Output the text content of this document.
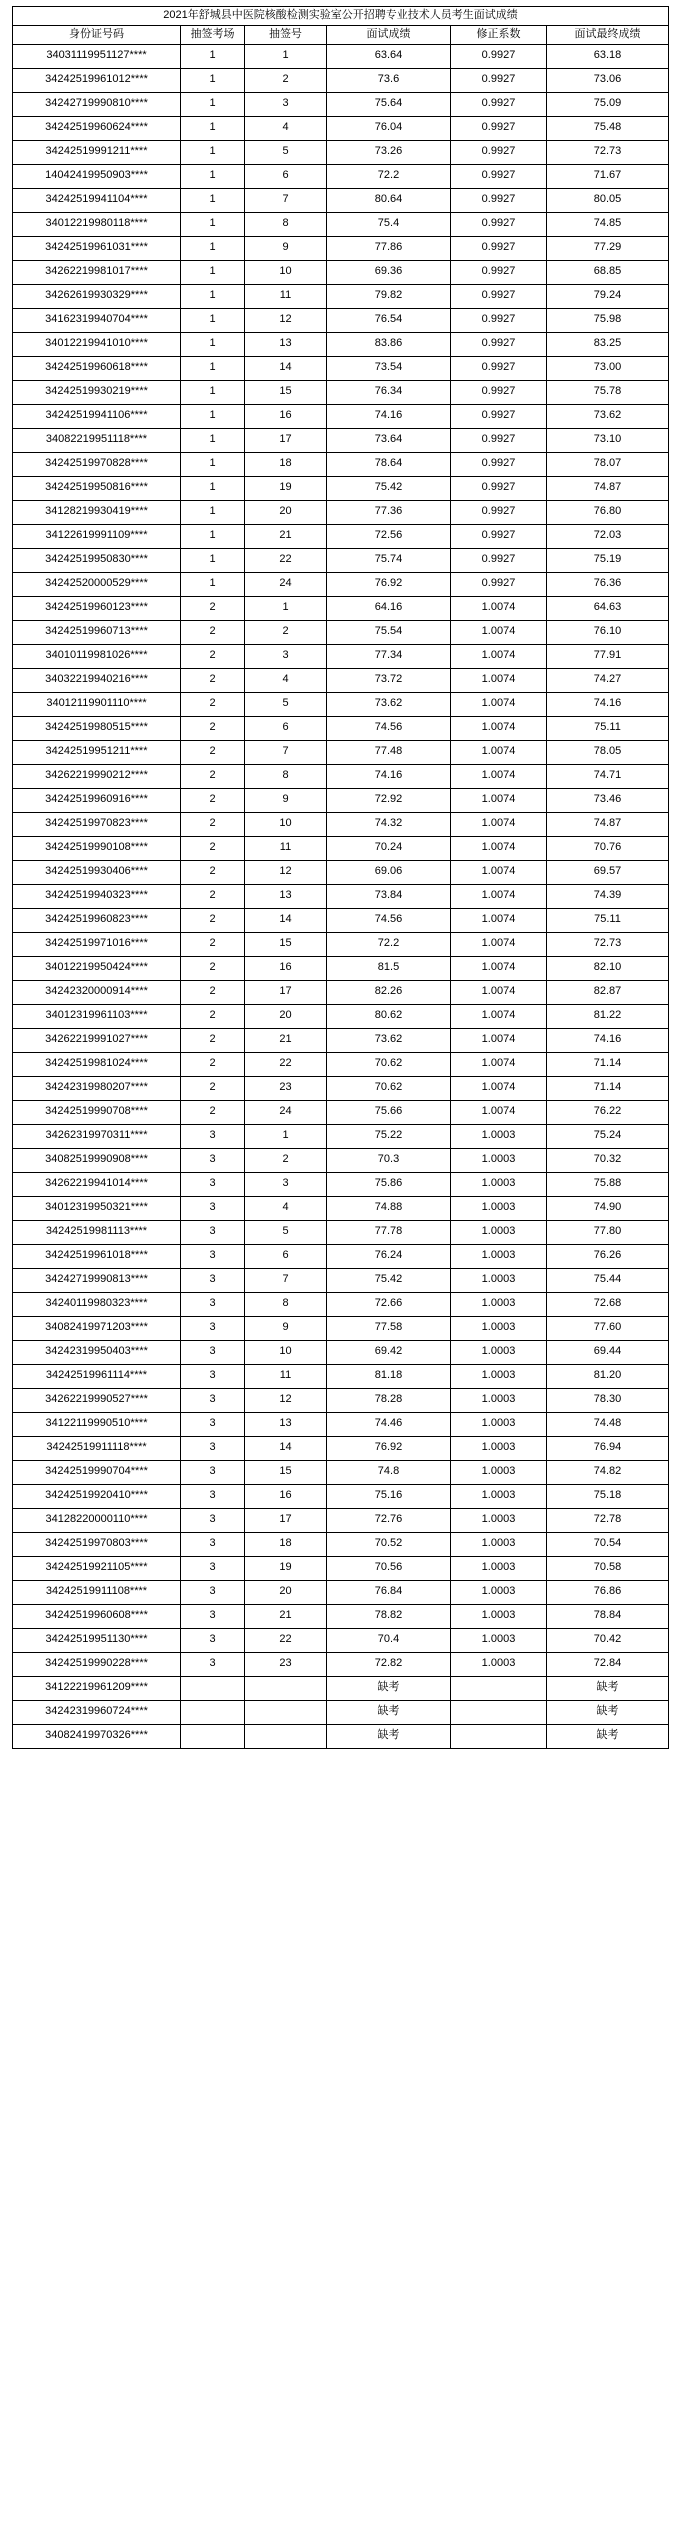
2021年舒城县中医院核酸检测实验室公开招聘专业技术人员考生面试成绩					
身份证号码	抽签考场	抽签号	面试成绩	修正系数	面试最终成绩
34031119951127****	1	1	63.64	0.9927	63.18
34242519961012****	1	2	73.6	0.9927	73.06
34242719990810****	1	3	75.64	0.9927	75.09
34242519960624****	1	4	76.04	0.9927	75.48
34242519991211****	1	5	73.26	0.9927	72.73
14042419950903****	1	6	72.2	0.9927	71.67
34242519941104****	1	7	80.64	0.9927	80.05
34012219980118****	1	8	75.4	0.9927	74.85
34242519961031****	1	9	77.86	0.9927	77.29
34262219981017****	1	10	69.36	0.9927	68.85
34262619930329****	1	11	79.82	0.9927	79.24
34162319940704****	1	12	76.54	0.9927	75.98
34012219941010****	1	13	83.86	0.9927	83.25
34242519960618****	1	14	73.54	0.9927	73.00
34242519930219****	1	15	76.34	0.9927	75.78
34242519941106****	1	16	74.16	0.9927	73.62
34082219951118****	1	17	73.64	0.9927	73.10
34242519970828****	1	18	78.64	0.9927	78.07
34242519950816****	1	19	75.42	0.9927	74.87
34128219930419****	1	20	77.36	0.9927	76.80
34122619991109****	1	21	72.56	0.9927	72.03
34242519950830****	1	22	75.74	0.9927	75.19
34242520000529****	1	24	76.92	0.9927	76.36
34242519960123****	2	1	64.16	1.0074	64.63
34242519960713****	2	2	75.54	1.0074	76.10
34010119981026****	2	3	77.34	1.0074	77.91
34032219940216****	2	4	73.72	1.0074	74.27
34012119901110****	2	5	73.62	1.0074	74.16
34242519980515****	2	6	74.56	1.0074	75.11
34242519951211****	2	7	77.48	1.0074	78.05
34262219990212****	2	8	74.16	1.0074	74.71
34242519960916****	2	9	72.92	1.0074	73.46
34242519970823****	2	10	74.32	1.0074	74.87
34242519990108****	2	11	70.24	1.0074	70.76
34242519930406****	2	12	69.06	1.0074	69.57
34242519940323****	2	13	73.84	1.0074	74.39
34242519960823****	2	14	74.56	1.0074	75.11
34242519971016****	2	15	72.2	1.0074	72.73
34012219950424****	2	16	81.5	1.0074	82.10
34242320000914****	2	17	82.26	1.0074	82.87
34012319961103****	2	20	80.62	1.0074	81.22
34262219991027****	2	21	73.62	1.0074	74.16
34242519981024****	2	22	70.62	1.0074	71.14
34242319980207****	2	23	70.62	1.0074	71.14
34242519990708****	2	24	75.66	1.0074	76.22
34262319970311****	3	1	75.22	1.0003	75.24
34082519990908****	3	2	70.3	1.0003	70.32
34262219941014****	3	3	75.86	1.0003	75.88
34012319950321****	3	4	74.88	1.0003	74.90
34242519981113****	3	5	77.78	1.0003	77.80
34242519961018****	3	6	76.24	1.0003	76.26
34242719990813****	3	7	75.42	1.0003	75.44
34240119980323****	3	8	72.66	1.0003	72.68
34082419971203****	3	9	77.58	1.0003	77.60
34242319950403****	3	10	69.42	1.0003	69.44
34242519961114****	3	11	81.18	1.0003	81.20
34262219990527****	3	12	78.28	1.0003	78.30
34122119990510****	3	13	74.46	1.0003	74.48
34242519911118****	3	14	76.92	1.0003	76.94
34242519990704****	3	15	74.8	1.0003	74.82
34242519920410****	3	16	75.16	1.0003	75.18
34128220000110****	3	17	72.76	1.0003	72.78
34242519970803****	3	18	70.52	1.0003	70.54
34242519921105****	3	19	70.56	1.0003	70.58
34242519911108****	3	20	76.84	1.0003	76.86
34242519960608****	3	21	78.82	1.0003	78.84
34242519951130****	3	22	70.4	1.0003	70.42
34242519990228****	3	23	72.82	1.0003	72.84
34122219961209****			缺考		缺考
34242319960724****			缺考		缺考
34082419970326****			缺考		缺考
